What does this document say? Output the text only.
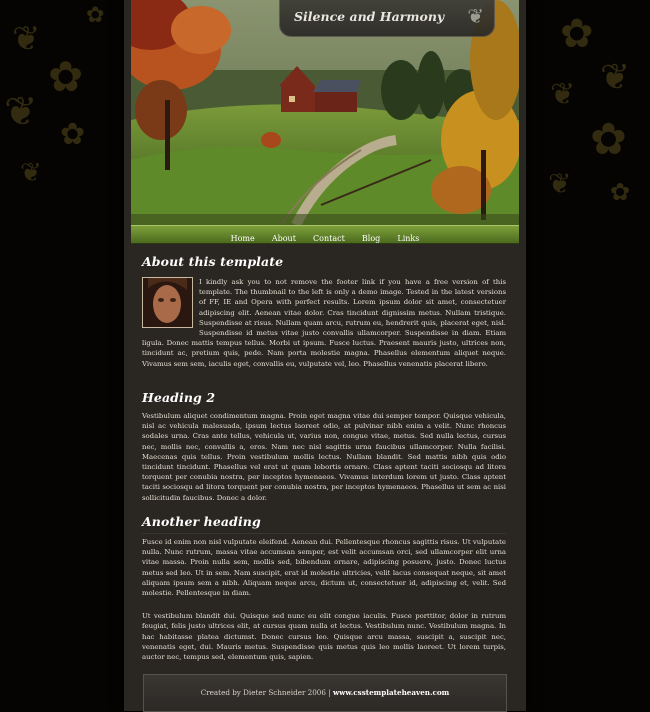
❦
✿
❦ ✿
❦
✿	✿
❦
❦
✿
❦ ✿
Silence and Harmony ❦
Home About Contact Blog Links
About this template

I kindly ask you to not remove the footer link if you have a free version of this template. The thumbnail to the left is only a demo image. Tested in the latest versions of FF, IE and Opera with perfect results. Lorem ipsum dolor sit amet, consectetuer adipiscing elit. Aenean vitae dolor. Cras tincidunt dignissim metus. Nullam tristique. Suspendisse at risus. Nullam quam arcu, rutrum eu, hendrerit quis, placerat eget, nisl. Suspendisse id metus vitae justo convallis ullamcorper. Suspendisse in diam. Etiam ligula. Donec mattis tempus tellus. Morbi ut ipsum. Fusce luctus. Praesent mauris justo, ultrices non, tincidunt ac, pretium quis, pede. Nam porta molestie magna. Phasellus elementum aliquet neque. Vivamus sem sem, iaculis eget, convallis eu, vulputate vel, leo. Phasellus venenatis placerat libero.

Heading 2

Vestibulum aliquet condimentum magna. Proin eget magna vitae dui semper tempor. Quisque vehicula, nisl ac vehicula malesuada, ipsum lectus laoreet odio, at pulvinar nibh enim a velit. Nunc rhoncus sodales urna. Cras ante tellus, vehicula ut, varius non, congue vitae, metus. Sed nulla lectus, cursus nec, mollis nec, convallis a, eros. Nam nec nisl sagittis urna faucibus ullamcorper. Nulla facilisi. Maecenas quis tellus. Proin vestibulum mollis lectus. Nullam blandit. Sed mattis nibh quis odio tincidunt tincidunt. Phasellus vel erat ut quam lobortis ornare. Class aptent taciti sociosqu ad litora torquent per conubia nostra, per inceptos hymenaeos. Vivamus interdum lorem ut justo. Class aptent taciti sociosqu ad litora torquent per conubia nostra, per inceptos hymenaeos. Phasellus ut sem ac nisi sollicitudin faucibus. Donec a dolor.

Another heading

Fusce id enim non nisl vulputate eleifend. Aenean dui. Pellentesque rhoncus sagittis risus. Ut vulputate nulla. Nunc rutrum, massa vitae accumsan semper, est velit accumsan orci, sed ullamcorper elit urna vitae massa. Proin nulla sem, mollis sed, bibendum ornare, adipiscing posuere, justo. Donec luctus metus sed leo. Ut in sem. Nam suscipit, erat id molestie ultricies, velit lacus consequat neque, sit amet aliquam ipsum sem a nibh. Aliquam neque arcu, dictum ut, consectetuer id, adipiscing et, velit. Sed molestie. Pellentesque in diam.

Ut vestibulum blandit dui. Quisque sed nunc eu elit congue iaculis. Fusce porttitor, dolor in rutrum feugiat, felis justo ultrices elit, at cursus quam nulla et lectus. Vestibulum nunc. Vestibulum magna. In hac habitasse platea dictumst. Donec cursus leo. Quisque arcu massa, suscipit a, suscipit nec, venenatis eget, dui. Mauris metus. Suspendisse quis metus quis leo mollis laoreet. Ut lorem turpis, auctor nec, tempus sed, elementum quis, sapien.

Created by Dieter Schneider 2006 | www.csstemplateheaven.com
